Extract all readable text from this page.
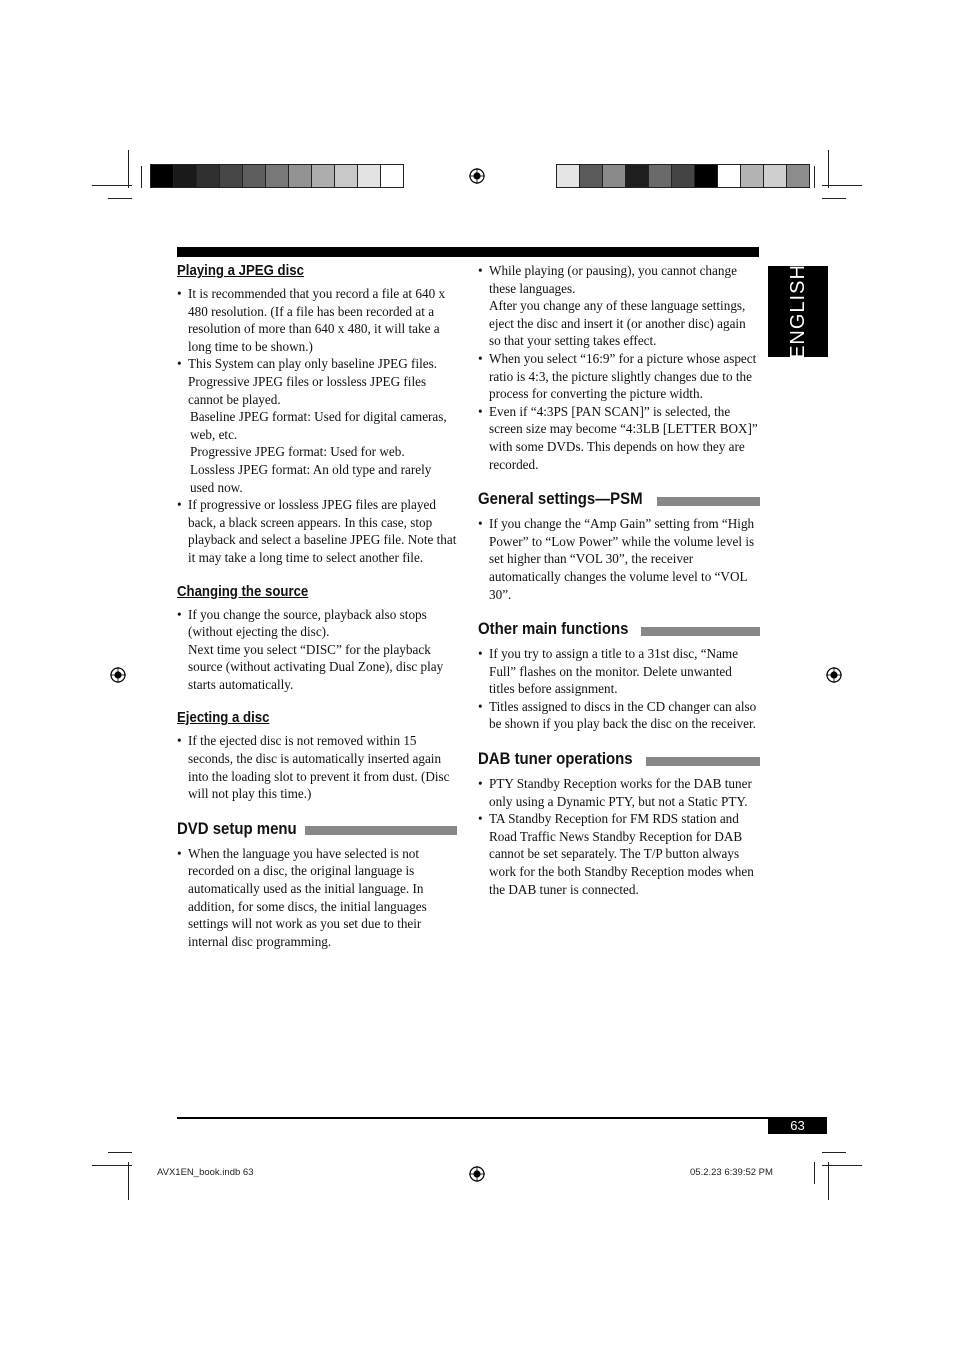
ENGLISH
Playing a JPEG disc
• It is recommended that you record a file at 640 x 480 resolution. (If a file has been recorded at a resolution of more than 640 x 480, it will take a long time to be shown.)
• This System can play only baseline JPEG files. Progressive JPEG files or lossless JPEG files cannot be played.
Baseline JPEG format: Used for digital cameras, web, etc.
Progressive JPEG format: Used for web.
Lossless JPEG format: An old type and rarely used now.
• If progressive or lossless JPEG files are played back, a black screen appears. In this case, stop playback and select a baseline JPEG file. Note that it may take a long time to select another file.
Changing the source
• If you change the source, playback also stops (without ejecting the disc).
Next time you select “DISC” for the playback source (without activating Dual Zone), disc play starts automatically.
Ejecting a disc
• If the ejected disc is not removed within 15 seconds, the disc is automatically inserted again into the loading slot to prevent it from dust. (Disc will not play this time.)
DVD setup menu
• When the language you have selected is not recorded on a disc, the original language is automatically used as the initial language. In addition, for some discs, the initial languages settings will not work as you set due to their internal disc programming.
• While playing (or pausing), you cannot change these languages.
After you change any of these language settings, eject the disc and insert it (or another disc) again so that your setting takes effect.
• When you select “16:9” for a picture whose aspect ratio is 4:3, the picture slightly changes due to the process for converting the picture width.
• Even if “4:3PS [PAN SCAN]” is selected, the screen size may become “4:3LB [LETTER BOX]” with some DVDs. This depends on how they are recorded.
General settings—PSM
• If you change the “Amp Gain” setting from “High Power” to “Low Power” while the volume level is set higher than “VOL 30”, the receiver automatically changes the volume level to “VOL 30”.
Other main functions
• If you try to assign a title to a 31st disc, “Name Full” flashes on the monitor. Delete unwanted titles before assignment.
• Titles assigned to discs in the CD changer can also be shown if you play back the disc on the receiver.
DAB tuner operations
• PTY Standby Reception works for the DAB tuner only using a Dynamic PTY, but not a Static PTY.
• TA Standby Reception for FM RDS station and Road Traffic News Standby Reception for DAB cannot be set separately. The T/P button always work for the both Standby Reception modes when the DAB tuner is connected.
63
AVX1EN_book.indb 63	05.2.23 6:39:52 PM
